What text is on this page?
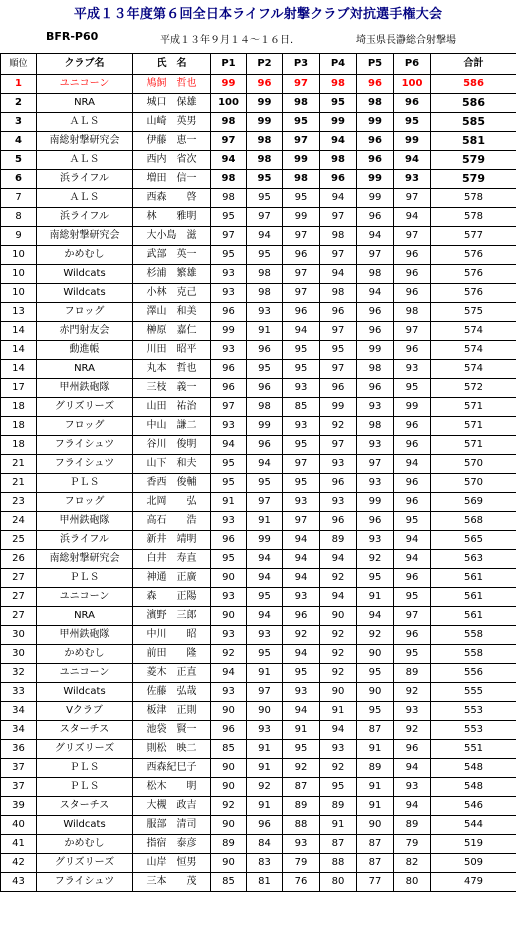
平成１３年度第６回全日本ライフル射撃クラブ対抗選手権大会
BFR-P60	平成１３年９月１４～１６日.	埼玉県長瀞総合射撃場
順位	クラブ名	氏　名	P1	P2	P3	P4	P5	P6	合計
1	ユニコーン	鳩飼　哲也	99	96	97	98	96	100	586
2	NRA	城口　保雄	100	99	98	95	98	96	586
3	ＡＬＳ	山崎　英男	98	99	95	99	99	95	585
4	南総射撃研究会	伊藤　恵一	97	98	97	94	96	99	581
5	ＡＬＳ	西内　省次	94	98	99	98	96	94	579
6	浜ライフル	増田　信一	98	95	98	96	99	93	579
7	ＡＬＳ	西森　　啓	98	95	95	94	99	97	578
8	浜ライフル	林　　雅明	95	97	99	97	96	94	578
9	南総射撃研究会	大小島　滋	97	94	97	98	94	97	577
10	かめむし	武部　英一	95	95	96	97	97	96	576
10	Wildcats	杉浦　繁雄	93	98	97	94	98	96	576
10	Wildcats	小林　克己	93	98	97	98	94	96	576
13	フロッグ	澤山　和美	96	93	96	96	96	98	575
14	赤門射友会	榊原　嘉仁	99	91	94	97	96	97	574
14	動進帳	川田　昭平	93	96	95	95	99	96	574
14	NRA	丸本　哲也	96	95	95	97	98	93	574
17	甲州鉄砲隊	三枝　義一	96	96	93	96	96	95	572
18	グリズリーズ	山田　祐治	97	98	85	99	93	99	571
18	フロッグ	中山　謙二	93	99	93	92	98	96	571
18	フライシュツ	谷川　俊明	94	96	95	97	93	96	571
21	フライシュツ	山下　和夫	95	94	97	93	97	94	570
21	ＰＬＳ	香西　俊輔	95	95	95	96	93	96	570
23	フロッグ	北岡　　弘	91	97	93	93	99	96	569
24	甲州鉄砲隊	高石　　浩	93	91	97	96	96	95	568
25	浜ライフル	新井　靖明	96	99	94	89	93	94	565
26	南総射撃研究会	白井　寿直	95	94	94	94	92	94	563
27	ＰＬＳ	神通　正廣	90	94	94	92	95	96	561
27	ユニコーン	森　　正陽	93	95	93	94	91	95	561
27	NRA	濱野　三郎	90	94	96	90	94	97	561
30	甲州鉄砲隊	中川　　昭	93	93	92	92	92	96	558
30	かめむし	前田　　隆	92	95	94	92	90	95	558
32	ユニコーン	菱木　正直	94	91	95	92	95	89	556
33	Wildcats	佐藤　弘哉	93	97	93	90	90	92	555
34	Vクラブ	板津　正則	90	90	94	91	95	93	553
34	スターチス	池袋　賢一	96	93	91	94	87	92	553
36	グリズリーズ	則松　映二	85	91	95	93	91	96	551
37	ＰＬＳ	西森紀巳子	90	91	92	92	89	94	548
37	ＰＬＳ	松木　　明	90	92	87	95	91	93	548
39	スターチス	大槻　政吉	92	91	89	89	91	94	546
40	Wildcats	服部　清司	90	96	88	91	90	89	544
41	かめむし	指宿　泰彦	89	84	93	87	87	79	519
42	グリズリーズ	山岸　恒男	90	83	79	88	87	82	509
43	フライシュツ	三本　　茂	85	81	76	80	77	80	479
